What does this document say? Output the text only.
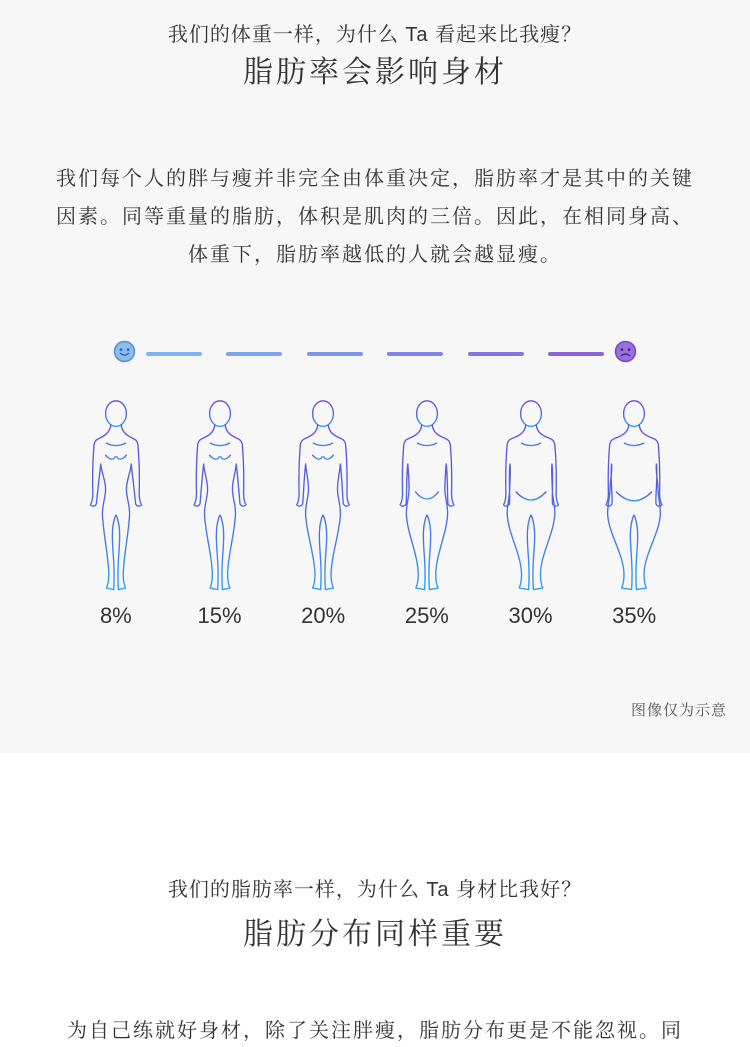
我们的体重一样，为什么 Ta 看起来比我瘦？
脂肪率会影响身材

我们每个人的胖与瘦并非完全由体重决定，脂肪率才是其中的关键因素。同等重量的脂肪，体积是肌肉的三倍。因此，在相同身高、体重下，脂肪率越低的人就会越显瘦。

8%	15%	20%	25%	30%	35%
图像仅为示意
我们的脂肪率一样，为什么 Ta 身材比我好？
脂肪分布同样重要

为自己练就好身材，除了关注胖瘦，脂肪分布更是不能忽视。同
